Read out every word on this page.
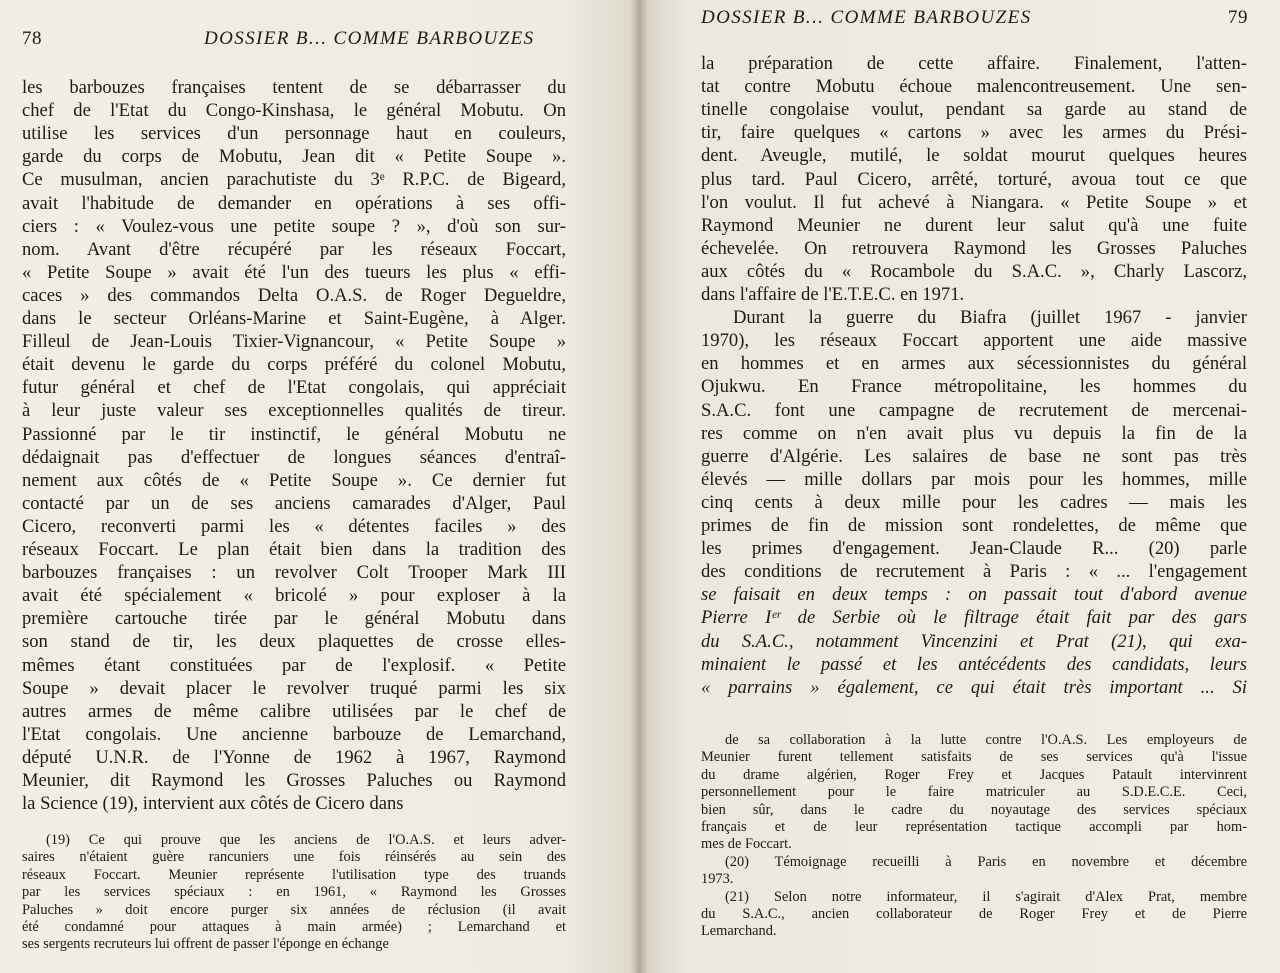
78	DOSSIER B... COMME BARBOUZES
les barbouzes françaises tentent de se débarrasser du
chef de l'Etat du Congo-Kinshasa, le général Mobutu. On
utilise les services d'un personnage haut en couleurs,
garde du corps de Mobutu, Jean dit « Petite Soupe ».
Ce musulman, ancien parachutiste du 3ᵉ R.P.C. de Bigeard,
avait l'habitude de demander en opérations à ses offi-
ciers : « Voulez-vous une petite soupe ? », d'où son sur-
nom. Avant d'être récupéré par les réseaux Foccart,
« Petite Soupe » avait été l'un des tueurs les plus « effi-
caces » des commandos Delta O.A.S. de Roger Degueldre,
dans le secteur Orléans-Marine et Saint-Eugène, à Alger.
Filleul de Jean-Louis Tixier-Vignancour, « Petite Soupe »
était devenu le garde du corps préféré du colonel Mobutu,
futur général et chef de l'Etat congolais, qui appréciait
à leur juste valeur ses exceptionnelles qualités de tireur.
Passionné par le tir instinctif, le général Mobutu ne
dédaignait pas d'effectuer de longues séances d'entraî-
nement aux côtés de « Petite Soupe ». Ce dernier fut
contacté par un de ses anciens camarades d'Alger, Paul
Cicero, reconverti parmi les « détentes faciles » des
réseaux Foccart. Le plan était bien dans la tradition des
barbouzes françaises : un revolver Colt Trooper Mark III
avait été spécialement « bricolé » pour exploser à la
première cartouche tirée par le général Mobutu dans
son stand de tir, les deux plaquettes de crosse elles-
mêmes étant constituées par de l'explosif. « Petite
Soupe » devait placer le revolver truqué parmi les six
autres armes de même calibre utilisées par le chef de
l'Etat congolais. Une ancienne barbouze de Lemarchand,
député U.N.R. de l'Yonne de 1962 à 1967, Raymond
Meunier, dit Raymond les Grosses Paluches ou Raymond
la Science (19), intervient aux côtés de Cicero dans
(19) Ce qui prouve que les anciens de l'O.A.S. et leurs adver-
saires n'étaient guère rancuniers une fois réinsérés au sein des
réseaux Foccart. Meunier représente l'utilisation type des truands
par les services spéciaux : en 1961, « Raymond les Grosses
Paluches » doit encore purger six années de réclusion (il avait
été condamné pour attaques à main armée) ; Lemarchand et
ses sergents recruteurs lui offrent de passer l'éponge en échange
DOSSIER B... COMME BARBOUZES	79
la préparation de cette affaire. Finalement, l'atten-
tat contre Mobutu échoue malencontreusement. Une sen-
tinelle congolaise voulut, pendant sa garde au stand de
tir, faire quelques « cartons » avec les armes du Prési-
dent. Aveugle, mutilé, le soldat mourut quelques heures
plus tard. Paul Cicero, arrêté, torturé, avoua tout ce que
l'on voulut. Il fut achevé à Niangara. « Petite Soupe » et
Raymond Meunier ne durent leur salut qu'à une fuite
échevelée. On retrouvera Raymond les Grosses Paluches
aux côtés du « Rocambole du S.A.C. », Charly Lascorz,
dans l'affaire de l'E.T.E.C. en 1971.
Durant la guerre du Biafra (juillet 1967 - janvier
1970), les réseaux Foccart apportent une aide massive
en hommes et en armes aux sécessionnistes du général
Ojukwu. En France métropolitaine, les hommes du
S.A.C. font une campagne de recrutement de mercenai-
res comme on n'en avait plus vu depuis la fin de la
guerre d'Algérie. Les salaires de base ne sont pas très
élevés — mille dollars par mois pour les hommes, mille
cinq cents à deux mille pour les cadres — mais les
primes de fin de mission sont rondelettes, de même que
les primes d'engagement. Jean-Claude R... (20) parle
des conditions de recrutement à Paris : « ... l'engagement
se faisait en deux temps : on passait tout d'abord avenue
Pierre Iᵉʳ de Serbie où le filtrage était fait par des gars
du S.A.C., notamment Vincenzini et Prat (21), qui exa-
minaient le passé et les antécédents des candidats, leurs
« parrains » également, ce qui était très important ... Si
de sa collaboration à la lutte contre l'O.A.S. Les employeurs de
Meunier furent tellement satisfaits de ses services qu'à l'issue
du drame algérien, Roger Frey et Jacques Patault intervinrent
personnellement pour le faire matriculer au S.D.E.C.E. Ceci,
bien sûr, dans le cadre du noyautage des services spéciaux
français et de leur représentation tactique accompli par hom-
mes de Foccart.
(20) Témoignage recueilli à Paris en novembre et décembre
1973.
(21) Selon notre informateur, il s'agirait d'Alex Prat, membre
du S.A.C., ancien collaborateur de Roger Frey et de Pierre
Lemarchand.
